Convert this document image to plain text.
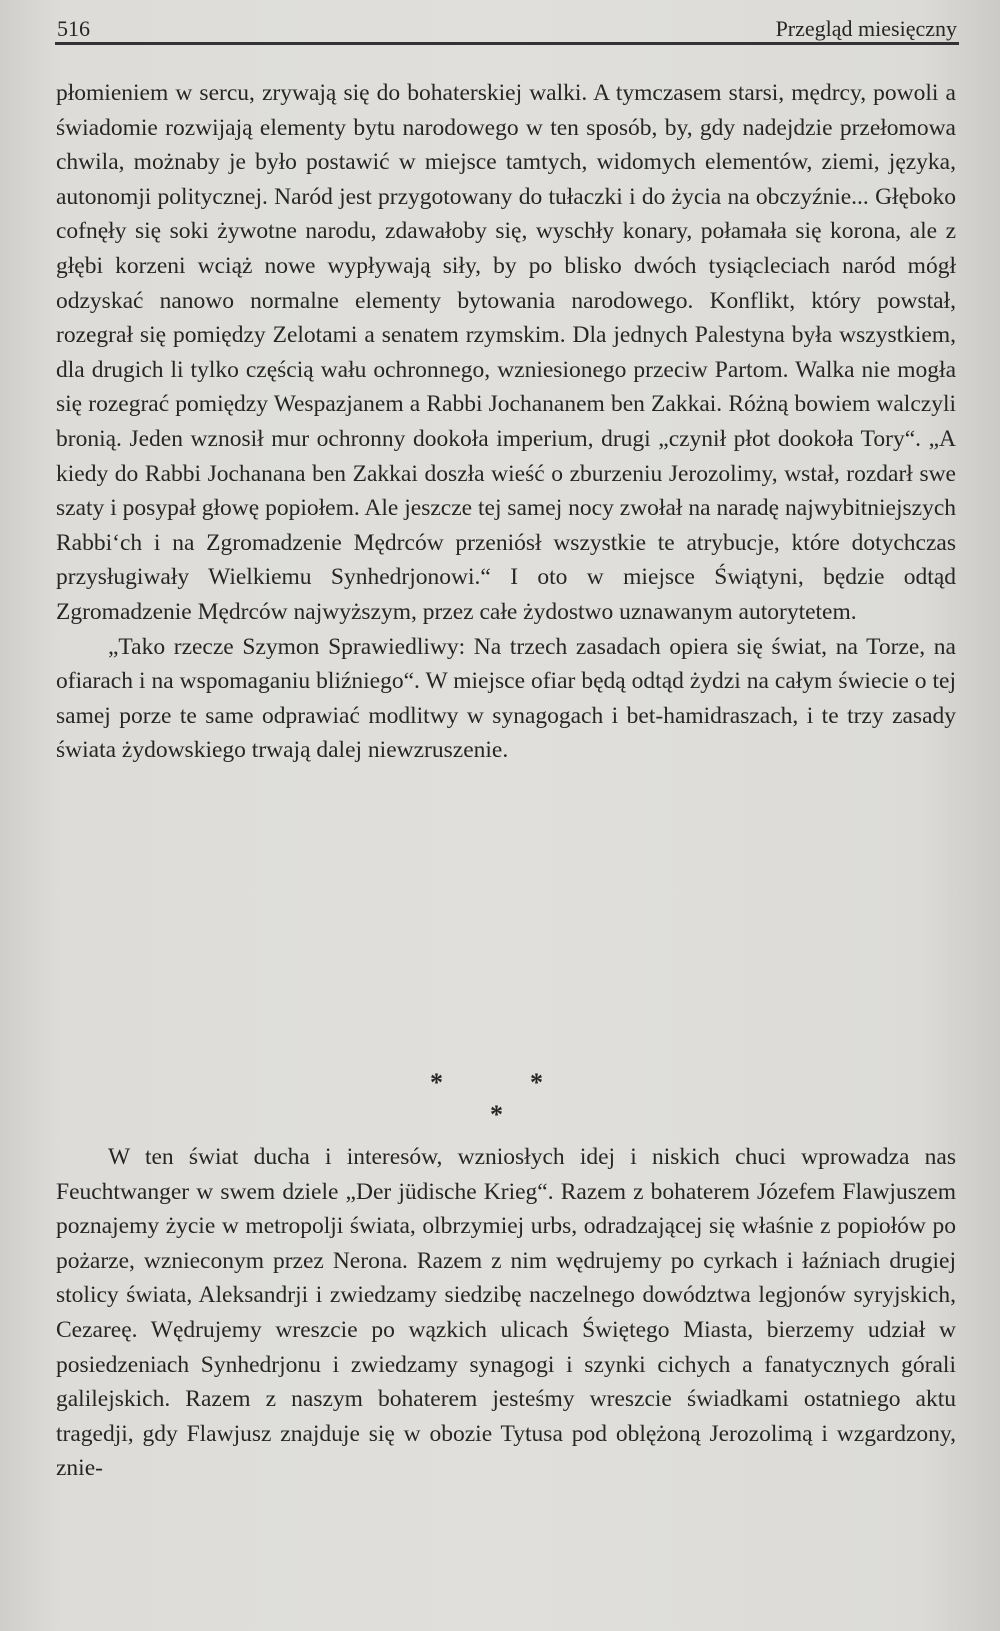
516	Przegląd miesięczny

płomieniem w sercu, zrywają się do bohaterskiej walki. A tymczasem starsi, mędrcy, powoli a świadomie rozwijają elementy bytu narodowego w ten sposób, by, gdy nadejdzie przełomowa chwila, możnaby je było postawić w miejsce tamtych, widomych elementów, ziemi, języka, autonomji politycznej. Naród jest przygotowany do tułaczki i do życia na obczyźnie... Głęboko cofnęły się soki żywotne narodu, zdawałoby się, wyschły konary, połamała się korona, ale z głębi korzeni wciąż nowe wypływają siły, by po blisko dwóch tysiącleciach naród mógł odzyskać nanowo normalne elementy bytowania narodowego. Konflikt, który powstał, rozegrał się pomiędzy Zelotami a senatem rzymskim. Dla jednych Palestyna była wszystkiem, dla drugich li tylko częścią wału ochronnego, wzniesionego przeciw Partom. Walka nie mogła się rozegrać pomiędzy Wespazjanem a Rabbi Jochananem ben Zakkai. Różną bowiem walczyli bronią. Jeden wznosił mur ochronny dookoła imperium, drugi „czynił płot dookoła Tory“. „A kiedy do Rabbi Jochanana ben Zakkai doszła wieść o zburzeniu Jerozolimy, wstał, rozdarł swe szaty i posypał głowę popiołem. Ale jeszcze tej samej nocy zwołał na naradę najwybitniejszych Rabbi‘ch i na Zgromadzenie Mędrców przeniósł wszystkie te atrybucje, które dotychczas przysługiwały Wielkiemu Synhedrjonowi.“ I oto w miejsce Świątyni, będzie odtąd Zgromadzenie Mędrców najwyższym, przez całe żydostwo uznawanym autorytetem.

„Tako rzecze Szymon Sprawiedliwy: Na trzech zasadach opiera się świat, na Torze, na ofiarach i na wspomaganiu bliźniego“. W miejsce ofiar będą odtąd żydzi na całym świecie o tej samej porze te same odprawiać modlitwy w synagogach i bet-hamidraszach, i te trzy zasady świata żydowskiego trwają dalej niewzruszenie.

*	*
*

W ten świat ducha i interesów, wzniosłych idej i niskich chuci wprowadza nas Feuchtwanger w swem dziele „Der jüdische Krieg“. Razem z bohaterem Józefem Flawjuszem poznajemy życie w metropolji świata, olbrzymiej urbs, odradzającej się właśnie z popiołów po pożarze, wznieconym przez Nerona. Razem z nim wędrujemy po cyrkach i łaźniach drugiej stolicy świata, Aleksandrji i zwiedzamy siedzibę naczelnego dowództwa legjonów syryjskich, Cezareę. Wędrujemy wreszcie po wązkich ulicach Świętego Miasta, bierzemy udział w posiedzeniach Synhedrjonu i zwiedzamy synagogi i szynki cichych a fanatycznych górali galilejskich. Razem z naszym bohaterem jesteśmy wreszcie świadkami ostatniego aktu tragedji, gdy Flawjusz znajduje się w obozie Tytusa pod oblężoną Jerozolimą i wzgardzony, znie-
